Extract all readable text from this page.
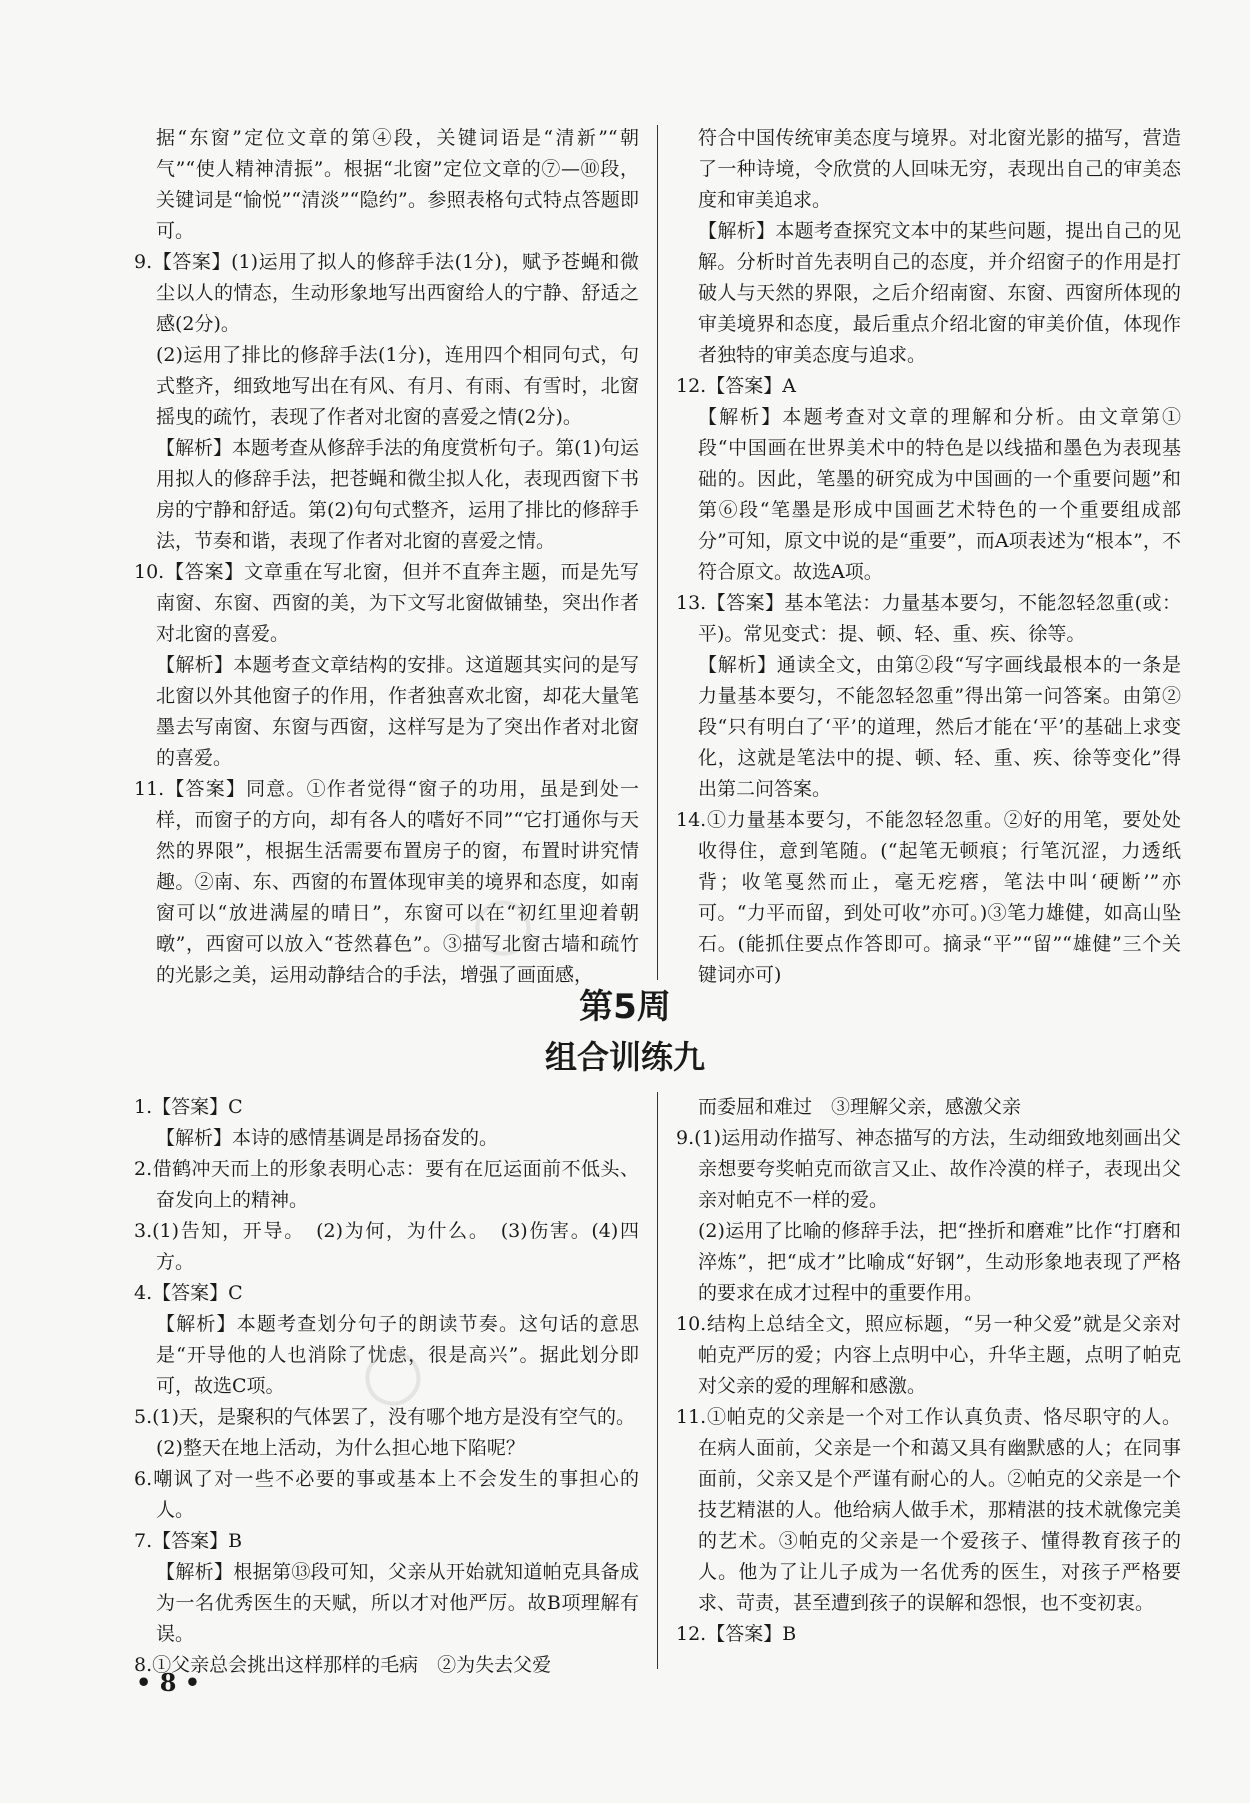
据“东窗”定位文章的第④段，关键词语是“清新”“朝气”“使人精神清振”。根据“北窗”定位文章的⑦—⑩段，关键词是“愉悦”“清淡”“隐约”。参照表格句式特点答题即可。

9.【答案】(1)运用了拟人的修辞手法(1分)，赋予苍蝇和微尘以人的情态，生动形象地写出西窗给人的宁静、舒适之感(2分)。

(2)运用了排比的修辞手法(1分)，连用四个相同句式，句式整齐，细致地写出在有风、有月、有雨、有雪时，北窗摇曳的疏竹，表现了作者对北窗的喜爱之情(2分)。

【解析】本题考查从修辞手法的角度赏析句子。第(1)句运用拟人的修辞手法，把苍蝇和微尘拟人化，表现西窗下书房的宁静和舒适。第(2)句句式整齐，运用了排比的修辞手法，节奏和谐，表现了作者对北窗的喜爱之情。

10.【答案】文章重在写北窗，但并不直奔主题，而是先写南窗、东窗、西窗的美，为下文写北窗做铺垫，突出作者对北窗的喜爱。

【解析】本题考查文章结构的安排。这道题其实问的是写北窗以外其他窗子的作用，作者独喜欢北窗，却花大量笔墨去写南窗、东窗与西窗，这样写是为了突出作者对北窗的喜爱。

11.【答案】同意。①作者觉得“窗子的功用，虽是到处一样，而窗子的方向，却有各人的嗜好不同”“它打通你与天然的界限”，根据生活需要布置房子的窗，布置时讲究情趣。②南、东、西窗的布置体现审美的境界和态度，如南窗可以“放进满屋的晴日”，东窗可以在“初红里迎着朝暾”，西窗可以放入“苍然暮色”。③描写北窗古墙和疏竹的光影之美，运用动静结合的手法，增强了画面感，

符合中国传统审美态度与境界。对北窗光影的描写，营造了一种诗境，令欣赏的人回味无穷，表现出自己的审美态度和审美追求。

【解析】本题考查探究文本中的某些问题，提出自己的见解。分析时首先表明自己的态度，并介绍窗子的作用是打破人与天然的界限，之后介绍南窗、东窗、西窗所体现的审美境界和态度，最后重点介绍北窗的审美价值，体现作者独特的审美态度与追求。

12.【答案】A

【解析】本题考查对文章的理解和分析。由文章第①段“中国画在世界美术中的特色是以线描和墨色为表现基础的。因此，笔墨的研究成为中国画的一个重要问题”和第⑥段“笔墨是形成中国画艺术特色的一个重要组成部分”可知，原文中说的是“重要”，而A项表述为“根本”，不符合原文。故选A项。

13.【答案】基本笔法：力量基本要匀，不能忽轻忽重(或：平)。常见变式：提、顿、轻、重、疾、徐等。

【解析】通读全文，由第②段“写字画线最根本的一条是力量基本要匀，不能忽轻忽重”得出第一问答案。由第②段“只有明白了‘平’的道理，然后才能在‘平’的基础上求变化，这就是笔法中的提、顿、轻、重、疾、徐等变化”得出第二问答案。

14.①力量基本要匀，不能忽轻忽重。②好的用笔，要处处收得住，意到笔随。(“起笔无顿痕；行笔沉涩，力透纸背；收笔戛然而止，毫无疙瘩，笔法中叫‘硬断’”亦可。“力平而留，到处可收”亦可。)③笔力雄健，如高山坠石。(能抓住要点作答即可。摘录“平”“留”“雄健”三个关键词亦可)

○
第5周
组合训练九

1.【答案】C

【解析】本诗的感情基调是昂扬奋发的。

2.借鹤冲天而上的形象表明心志：要有在厄运面前不低头、奋发向上的精神。

3.(1)告知，开导。　(2)为何，为什么。　(3)伤害。(4)四方。

4.【答案】C

【解析】本题考查划分句子的朗读节奏。这句话的意思是“开导他的人也消除了忧虑，很是高兴”。据此划分即可，故选C项。

5.(1)天，是聚积的气体罢了，没有哪个地方是没有空气的。

(2)整天在地上活动，为什么担心地下陷呢？

6.嘲讽了对一些不必要的事或基本上不会发生的事担心的人。

7.【答案】B

【解析】根据第⑬段可知，父亲从开始就知道帕克具备成为一名优秀医生的天赋，所以才对他严厉。故B项理解有误。

8.①父亲总会挑出这样那样的毛病　②为失去父爱

而委屈和难过　③理解父亲，感激父亲

9.(1)运用动作描写、神态描写的方法，生动细致地刻画出父亲想要夸奖帕克而欲言又止、故作冷漠的样子，表现出父亲对帕克不一样的爱。

(2)运用了比喻的修辞手法，把“挫折和磨难”比作“打磨和淬炼”，把“成才”比喻成“好钢”，生动形象地表现了严格的要求在成才过程中的重要作用。

10.结构上总结全文，照应标题，“另一种父爱”就是父亲对帕克严厉的爱；内容上点明中心，升华主题，点明了帕克对父亲的爱的理解和感激。

11.①帕克的父亲是一个对工作认真负责、恪尽职守的人。在病人面前，父亲是一个和蔼又具有幽默感的人；在同事面前，父亲又是个严谨有耐心的人。②帕克的父亲是一个技艺精湛的人。他给病人做手术，那精湛的技术就像完美的艺术。③帕克的父亲是一个爱孩子、懂得教育孩子的人。他为了让儿子成为一名优秀的医生，对孩子严格要求、苛责，甚至遭到孩子的误解和怨恨，也不变初衷。

12.【答案】B

○
• 8 •
